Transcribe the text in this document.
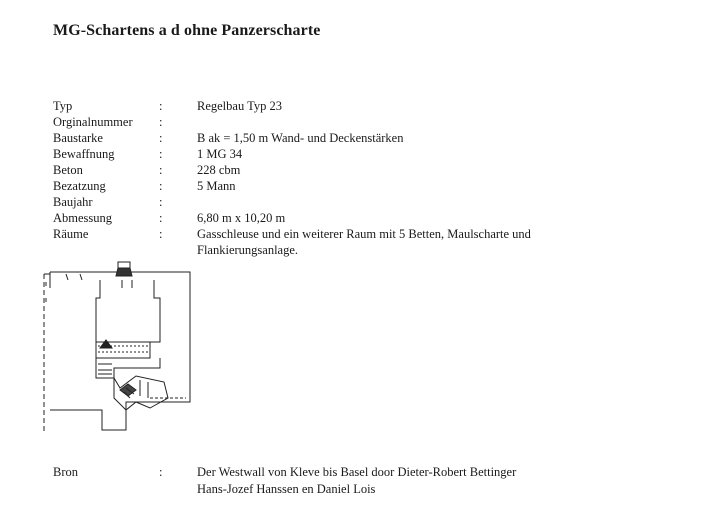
MG-Schartens a d ohne Panzerscharte
Typ	:	Regelbau Typ 23
Orginalnummer :
Baustarke	:	B ak = 1,50 m Wand- und Deckenstärken
Bewaffnung	:	1 MG 34
Beton	:	228 cbm
Bezatzung	:	5 Mann
Baujahr	:
Abmessung	:	6,80 m x 10,20 m
Räume	:	Gasschleuse und ein weiterer Raum mit 5 Betten, Maulscharte und Flankierungsanlage.
Bron	:	Der Westwall von Kleve bis Basel door Dieter-Robert Bettinger
Hans-Jozef Hanssen en Daniel Lois
